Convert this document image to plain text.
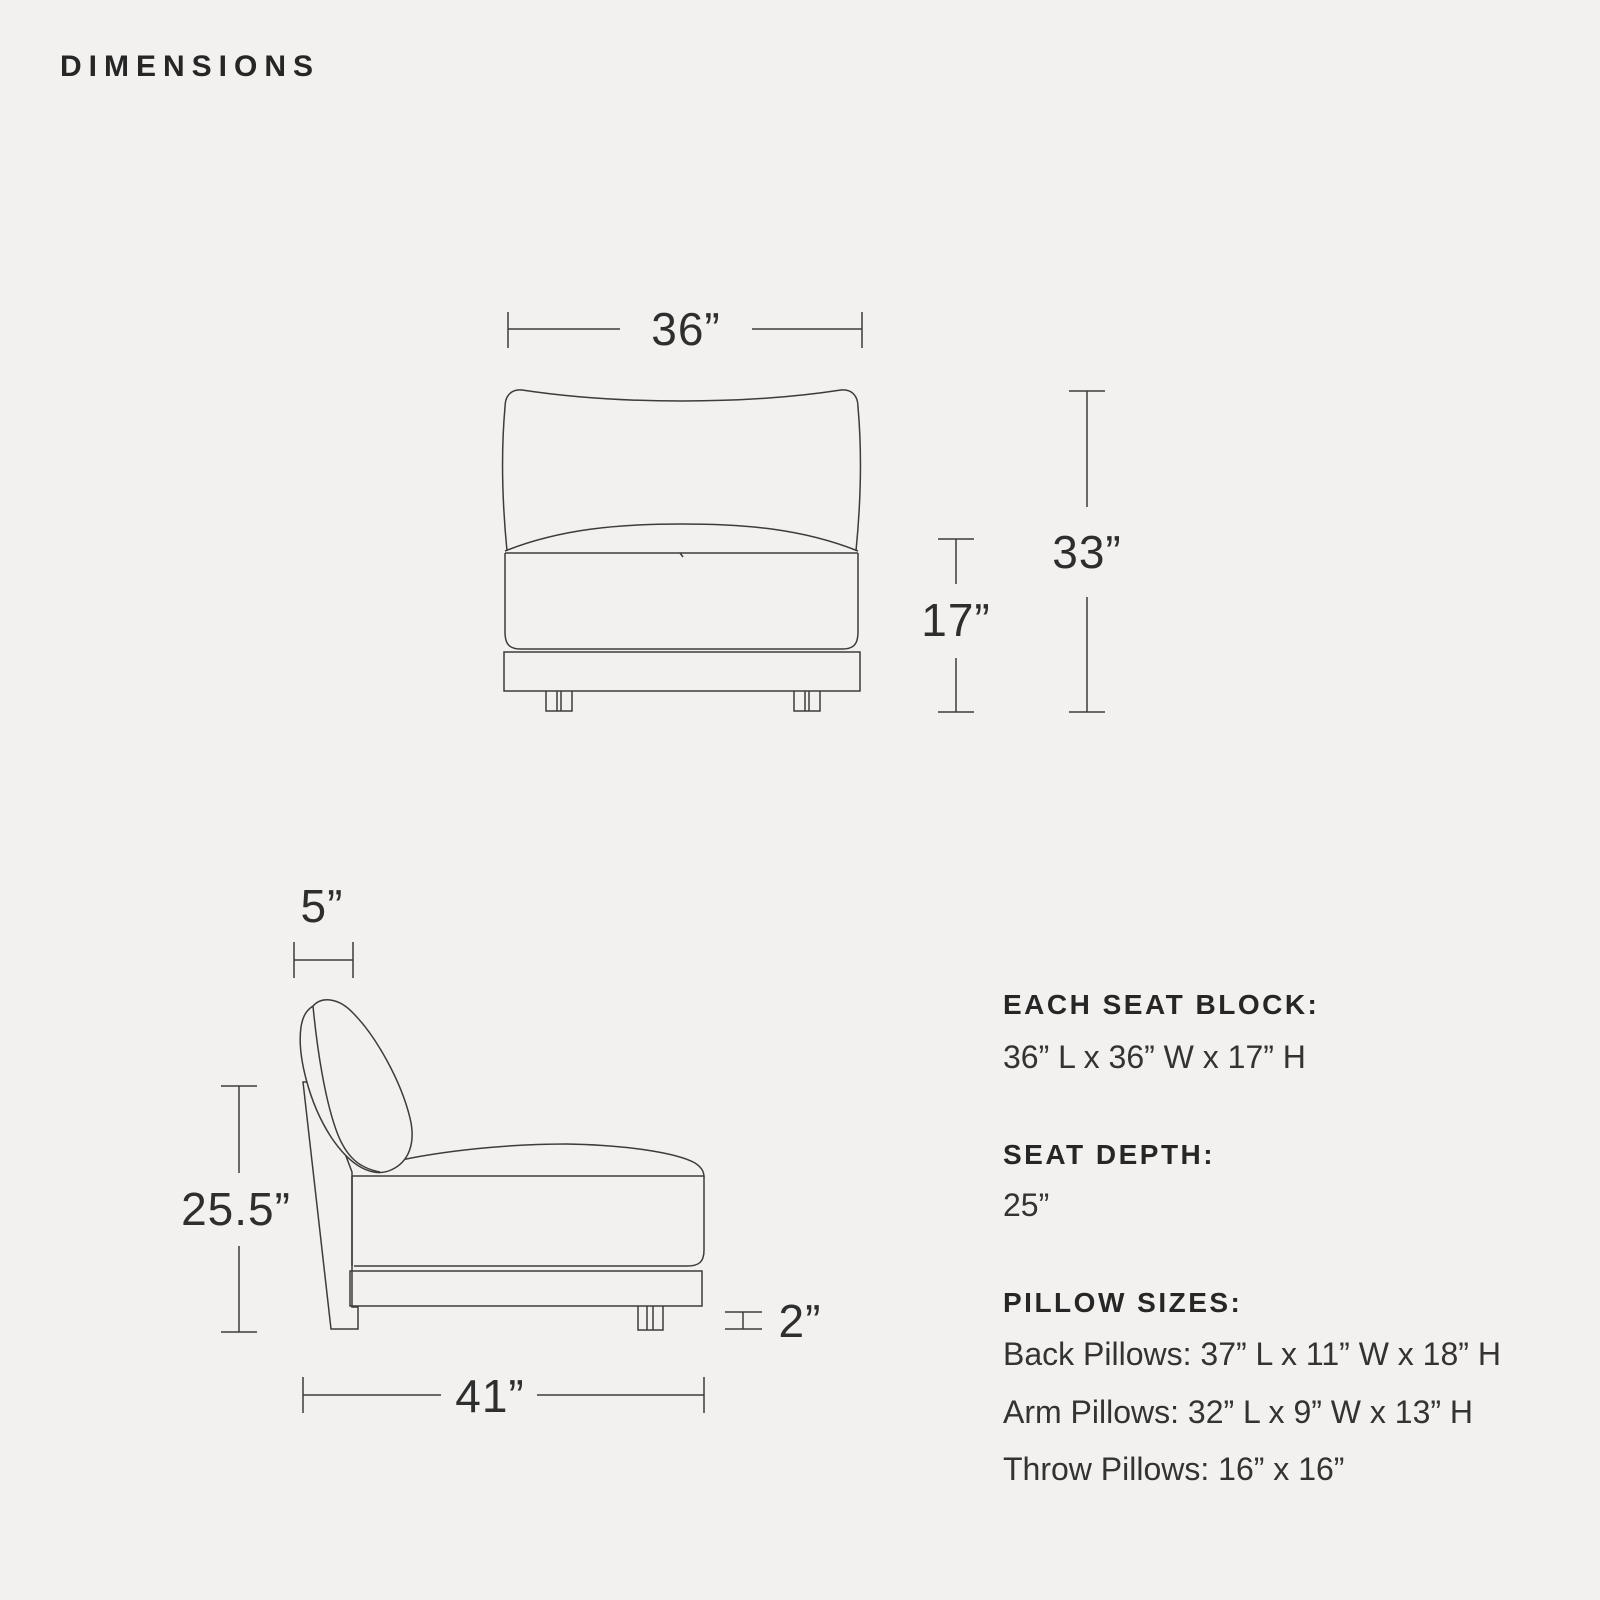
DIMENSIONS
36”
17”
33”
5”
25.5”
41”
2”
EACH SEAT BLOCK:
36” L x 36” W x 17” H
SEAT DEPTH:
25”
PILLOW SIZES:
Back Pillows: 37” L x 11” W x 18” H
Arm Pillows: 32” L x 9” W x 13” H
Throw Pillows: 16” x 16”
